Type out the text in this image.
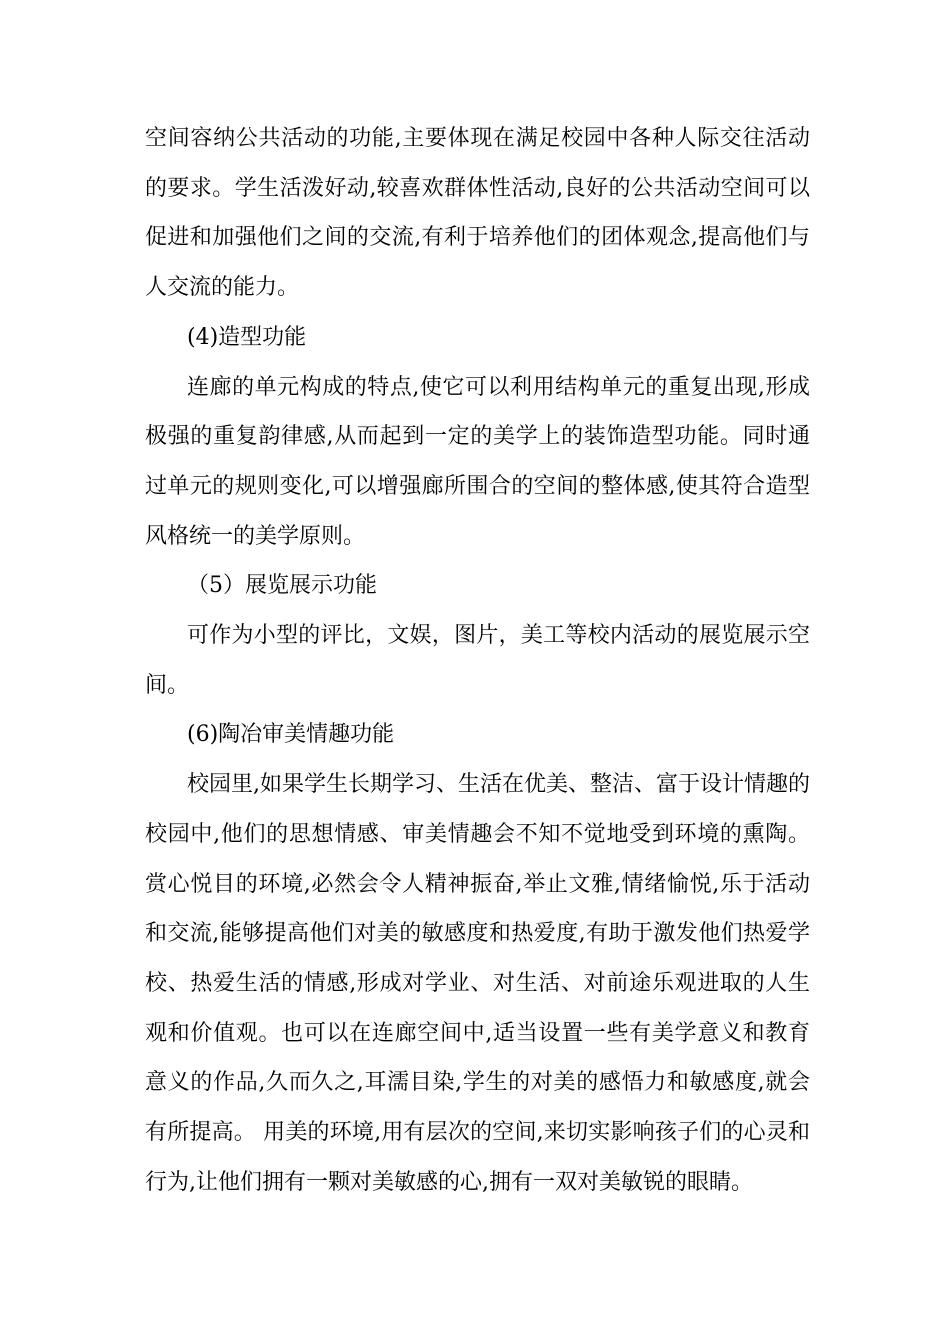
空间容纳公共活动的功能,主要体现在满足校园中各种人际交往活动的要求。学生活泼好动,较喜欢群体性活动,良好的公共活动空间可以促进和加强他们之间的交流,有利于培养他们的团体观念,提高他们与人交流的能力。

(4)造型功能

连廊的单元构成的特点,使它可以利用结构单元的重复出现,形成极强的重复韵律感,从而起到一定的美学上的装饰造型功能。同时通过单元的规则变化,可以增强廊所围合的空间的整体感,使其符合造型风格统一的美学原则。

（5）展览展示功能

可作为小型的评比，文娱，图片，美工等校内活动的展览展示空间。

(6)陶冶审美情趣功能

校园里,如果学生长期学习、生活在优美、整洁、富于设计情趣的校园中,他们的思想情感、审美情趣会不知不觉地受到环境的熏陶。赏心悦目的环境,必然会令人精神振奋,举止文雅,情绪愉悦,乐于活动和交流,能够提高他们对美的敏感度和热爱度,有助于激发他们热爱学校、热爱生活的情感,形成对学业、对生活、对前途乐观进取的人生观和价值观。也可以在连廊空间中,适当设置一些有美学意义和教育意义的作品,久而久之,耳濡目染,学生的对美的感悟力和敏感度,就会有所提高。 用美的环境,用有层次的空间,来切实影响孩子们的心灵和行为,让他们拥有一颗对美敏感的心,拥有一双对美敏锐的眼睛。
